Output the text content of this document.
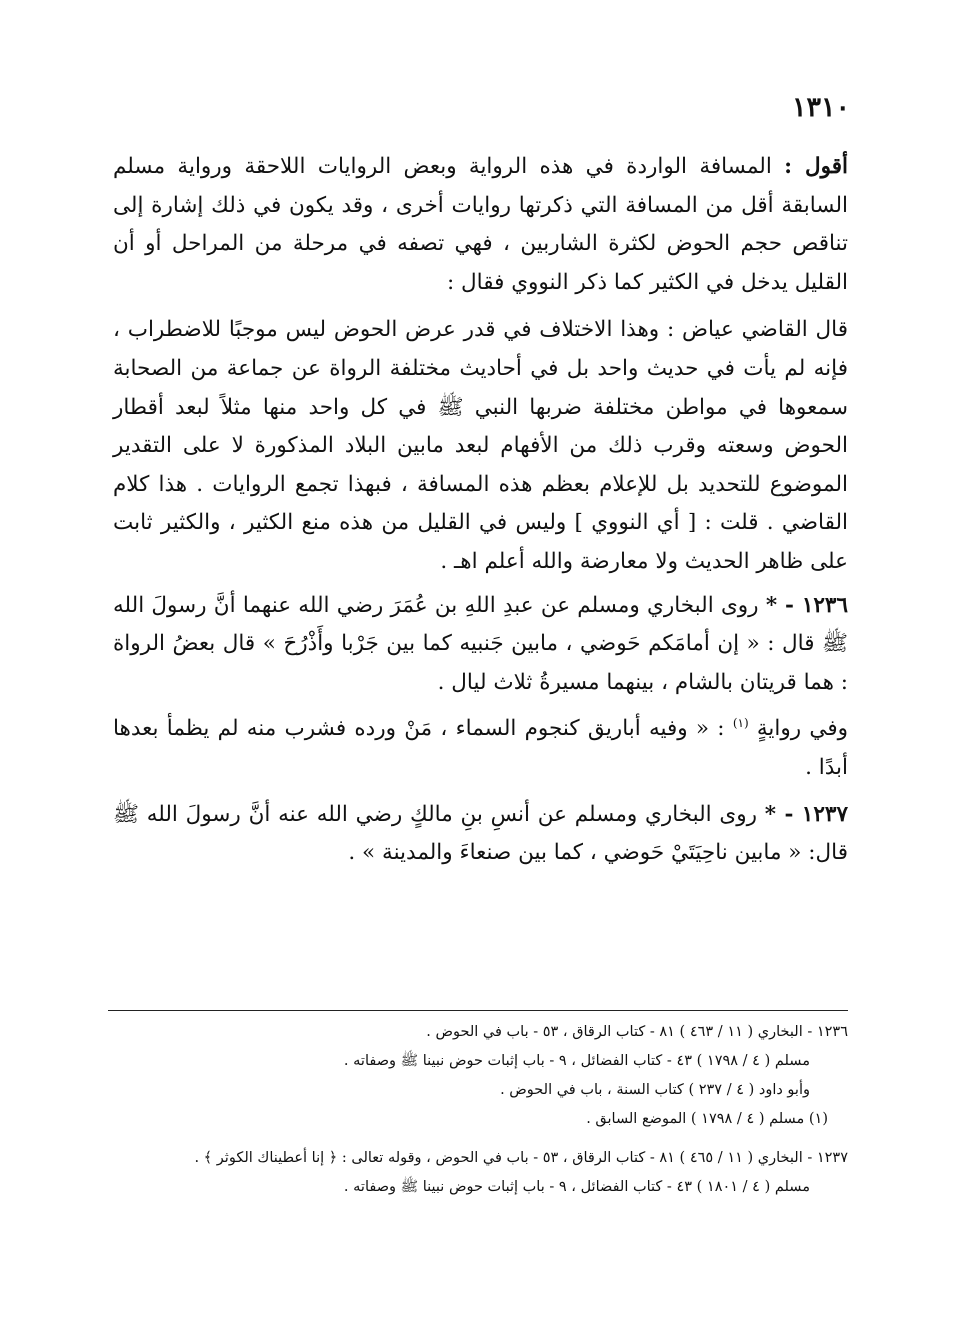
١٣١٠

أقول : المسافة الواردة في هذه الرواية وبعض الروايات اللاحقة ورواية مسلم السابقة أقل من المسافة التي ذكرتها روايات أخرى ، وقد يكون في ذلك إشارة إلى تناقص حجم الحوض لكثرة الشاربين ، فهي تصفه في مرحلة من المراحل أو أن القليل يدخل في الكثير كما ذكر النووي فقال :

قال القاضي عياض : وهذا الاختلاف في قدر عرض الحوض ليس موجبًا للاضطراب ، فإنه لم يأت في حديث واحد بل في أحاديث مختلفة الرواة عن جماعة من الصحابة سمعوها في مواطن مختلفة ضربها النبي ﷺ في كل واحد منها مثلاً لبعد أقطار الحوض وسعته وقرب ذلك من الأفهام لبعد مابين البلاد المذكورة لا على التقدير الموضوع للتحديد بل للإعلام بعظم هذه المسافة ، فبهذا تجمع الروايات . هذا كلام القاضي . قلت : [ أي النووي ] وليس في القليل من هذه منع الكثير ، والكثير ثابت على ظاهر الحديث ولا معارضة والله أعلم اهـ .

١٢٣٦ - * روى البخاري ومسلم عن عبدِ اللهِ بن عُمَرَ رضي الله عنهما أنَّ رسولَ الله ﷺ قال : « إن أمامَكم حَوضي ، مابين جَنبيه كما بين جَرْبا وأَذْرُحَ » قال بعضُ الرواة : هما قريتان بالشام ، بينهما مسيرةُ ثلاث ليال .

وفي روايةٍ $^{(١)}$ : « وفيه أباريق كنجوم السماء ، مَنْ ورده فشرب منه لم يظمأ بعدها أبدًا .

١٢٣٧ - * روى البخاري ومسلم عن أنسِ بنِ مالكٍ رضي الله عنه أنَّ رسولَ الله ﷺ قال: « مابين ناحِيَتَيْ حَوضي ، كما بين صنعاءَ والمدينة » .

١٢٣٦ - البخاري ( ١١ / ٤٦٣ ) ٨١ - كتاب الرقاق ، ٥٣ - باب في الحوض .

مسلم ( ٤ / ١٧٩٨ ) ٤٣ - كتاب الفضائل ، ٩ - باب إثبات حوض نبينا ﷺ وصفاته .

وأبو داود ( ٤ / ٢٣٧ ) كتاب السنة ، باب في الحوض .

(١) مسلم ( ٤ / ١٧٩٨ ) الموضع السابق .

١٢٣٧ - البخاري ( ١١ / ٤٦٥ ) ٨١ - كتاب الرقاق ، ٥٣ - باب في الحوض ، وقوله تعالى : ﴿ إنا أعطيناك الكوثر ﴾ .

مسلم ( ٤ / ١٨٠١ ) ٤٣ - كتاب الفضائل ، ٩ - باب إثبات حوض نبينا ﷺ وصفاته .
